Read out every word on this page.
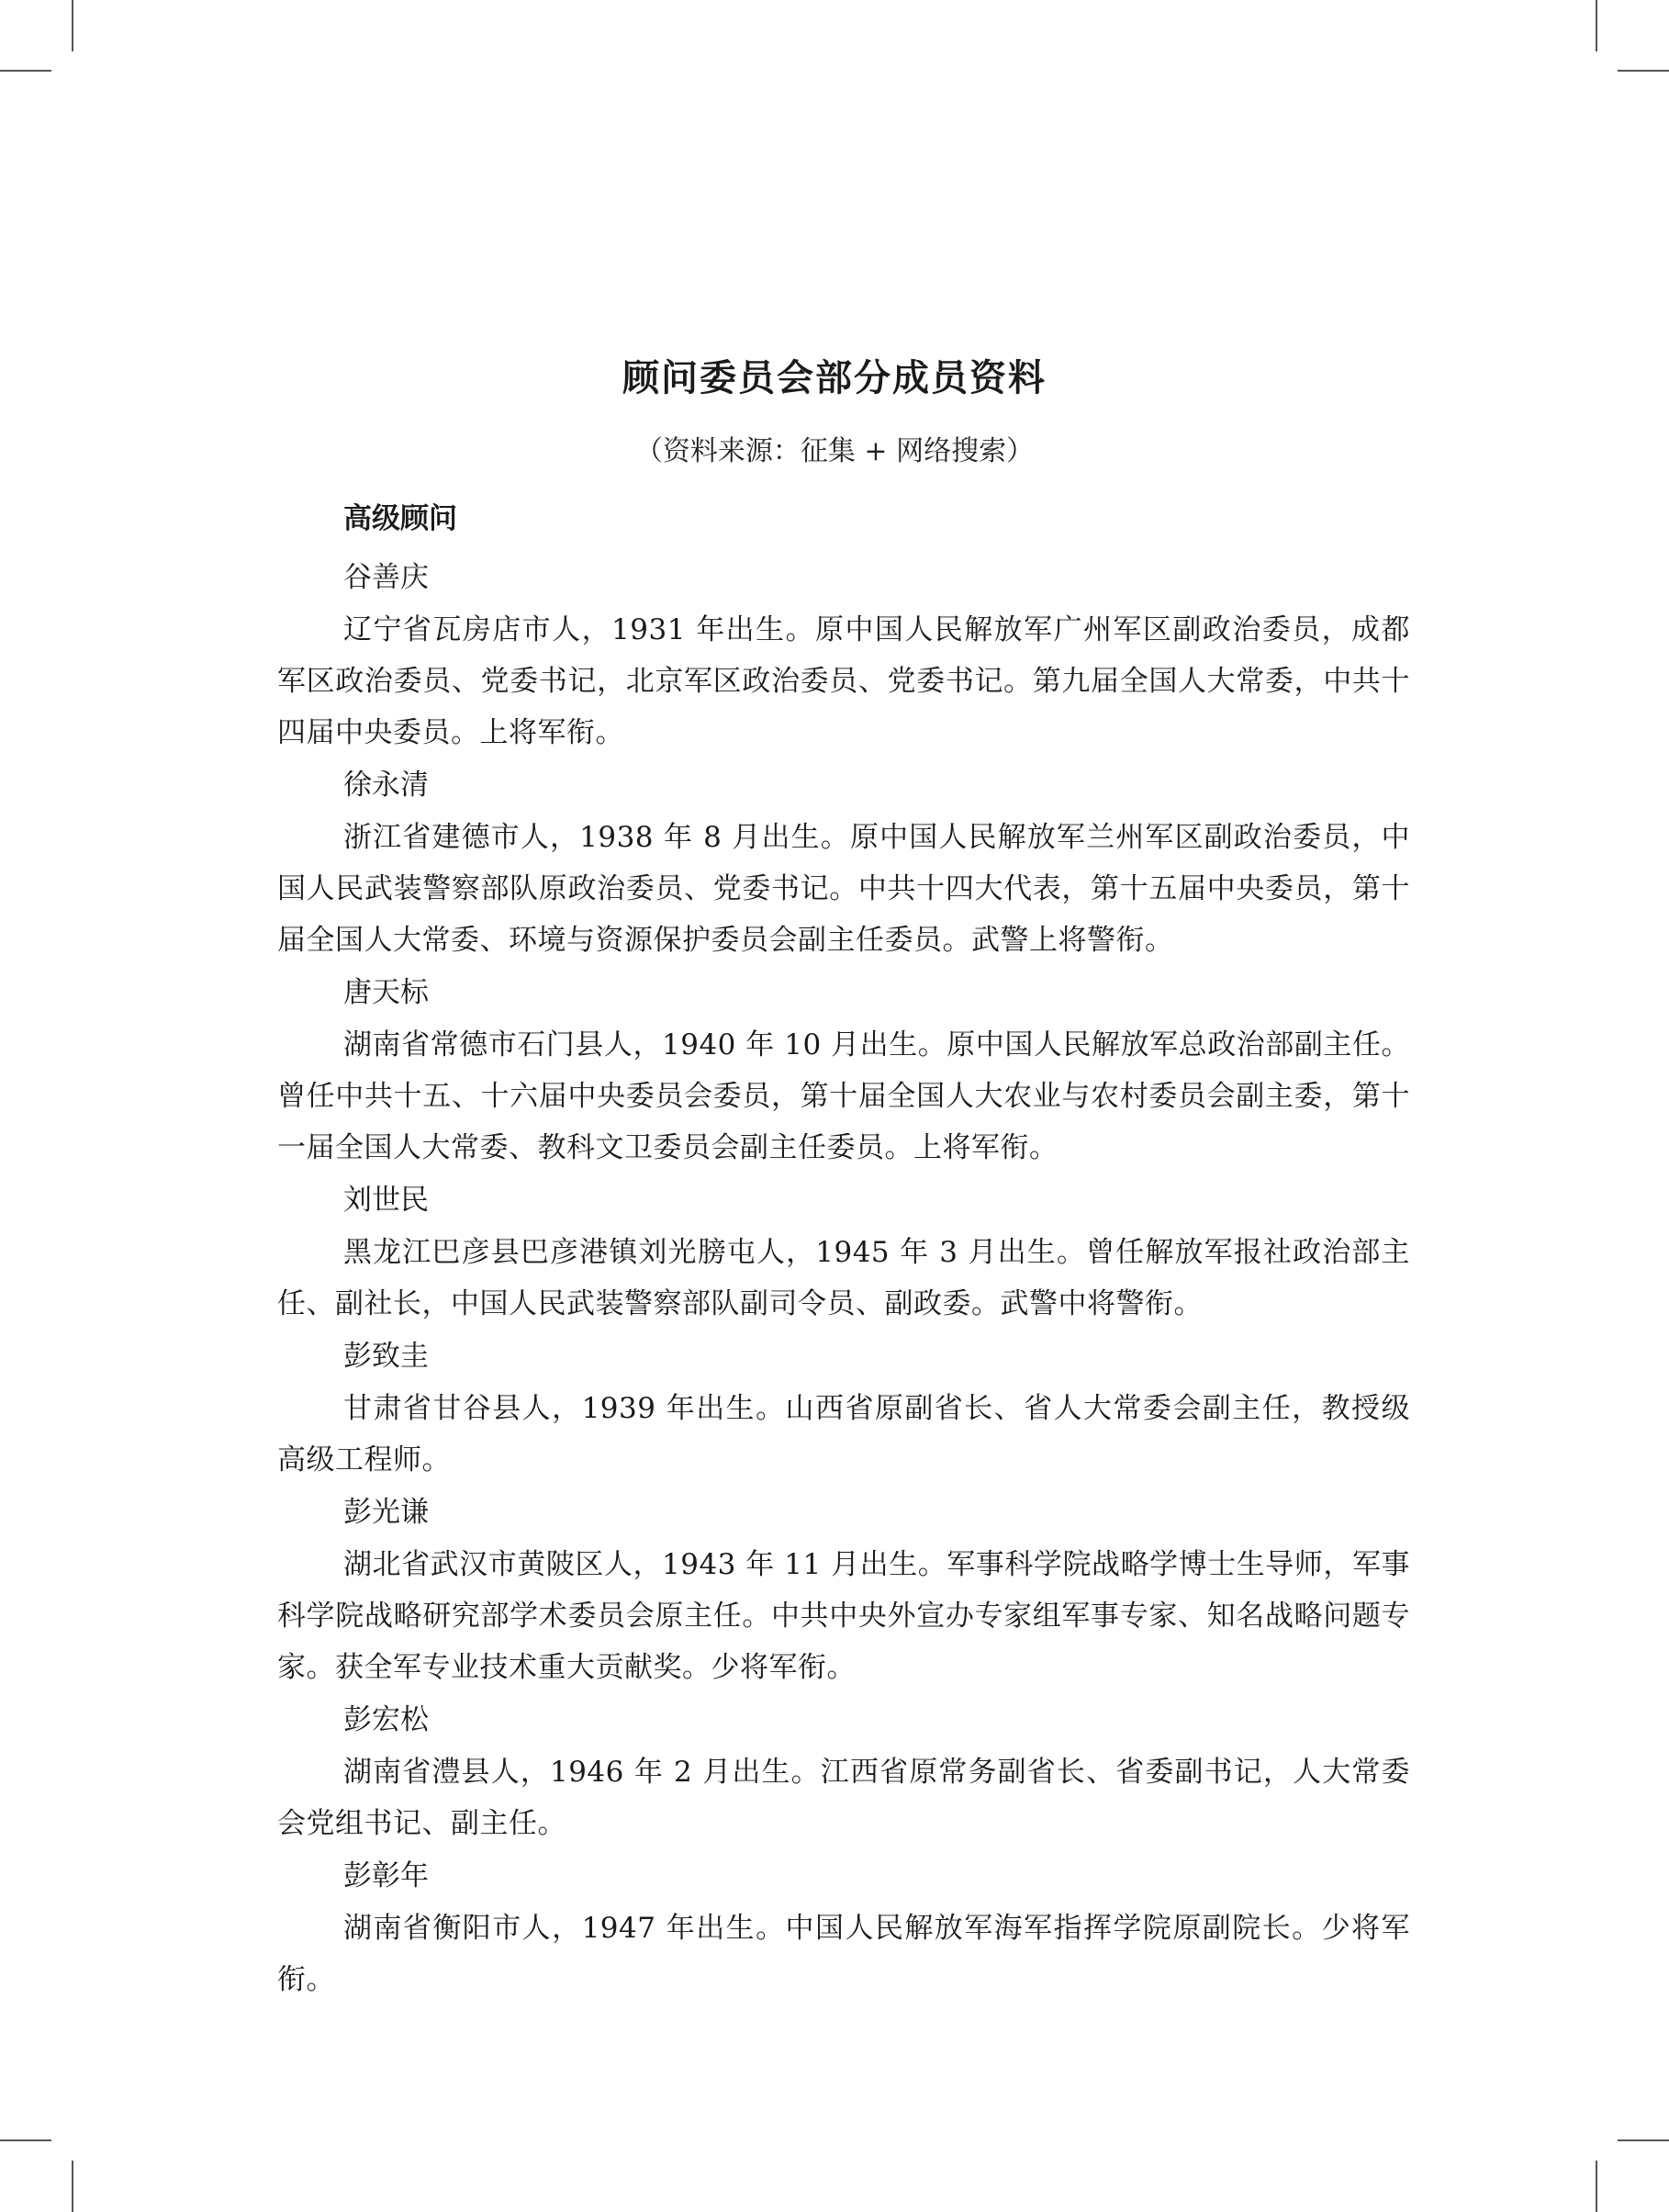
顾问委员会部分成员资料
（资料来源：征集 + 网络搜索）
高级顾问
谷善庆

辽宁省瓦房店市人，1931 年出生。原中国人民解放军广州军区副政治委员，成都军区政治委员、党委书记，北京军区政治委员、党委书记。第九届全国人大常委，中共十四届中央委员。上将军衔。

徐永清

浙江省建德市人，1938 年 8 月出生。原中国人民解放军兰州军区副政治委员，中国人民武装警察部队原政治委员、党委书记。中共十四大代表，第十五届中央委员，第十届全国人大常委、环境与资源保护委员会副主任委员。武警上将警衔。

唐天标

湖南省常德市石门县人，1940 年 10 月出生。原中国人民解放军总政治部副主任。曾任中共十五、十六届中央委员会委员，第十届全国人大农业与农村委员会副主委，第十一届全国人大常委、教科文卫委员会副主任委员。上将军衔。

刘世民

黑龙江巴彦县巴彦港镇刘光膀屯人，1945 年 3 月出生。曾任解放军报社政治部主任、副社长，中国人民武装警察部队副司令员、副政委。武警中将警衔。

彭致圭

甘肃省甘谷县人，1939 年出生。山西省原副省长、省人大常委会副主任，教授级高级工程师。

彭光谦

湖北省武汉市黄陂区人，1943 年 11 月出生。军事科学院战略学博士生导师，军事科学院战略研究部学术委员会原主任。中共中央外宣办专家组军事专家、知名战略问题专家。获全军专业技术重大贡献奖。少将军衔。

彭宏松

湖南省澧县人，1946 年 2 月出生。江西省原常务副省长、省委副书记，人大常委会党组书记、副主任。

彭彰年

湖南省衡阳市人，1947 年出生。中国人民解放军海军指挥学院原副院长。少将军衔。
